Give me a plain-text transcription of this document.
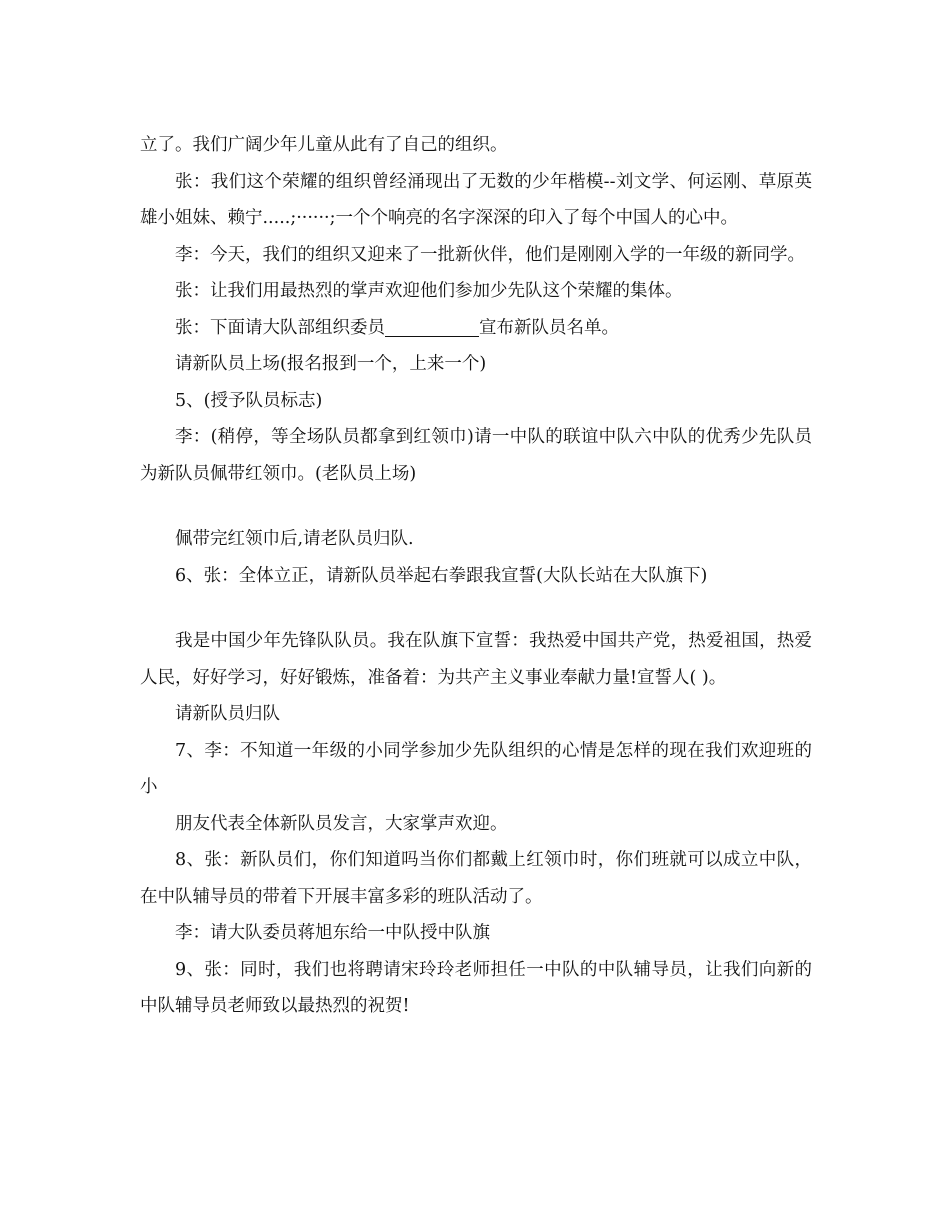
立了。我们广阔少年儿童从此有了自己的组织。

张：我们这个荣耀的组织曾经涌现出了无数的少年楷模--刘文学、何运刚、草原英雄小姐妹、赖宁.....;······;一个个响亮的名字深深的印入了每个中国人的心中。

李：今天，我们的组织又迎来了一批新伙伴，他们是刚刚入学的一年级的新同学。

张：让我们用最热烈的掌声欢迎他们参加少先队这个荣耀的集体。

张：下面请大队部组织委员	宣布新队员名单。

请新队员上场(报名报到一个，上来一个)

5、(授予队员标志)

李：(稍停，等全场队员都拿到红领巾)请一中队的联谊中队六中队的优秀少先队员为新队员佩带红领巾。(老队员上场)

佩带完红领巾后,请老队员归队.

6、张：全体立正，请新队员举起右拳跟我宣誓(大队长站在大队旗下)

我是中国少年先锋队队员。我在队旗下宣誓：我热爱中国共产党，热爱祖国，热爱人民，好好学习，好好锻炼，准备着：为共产主义事业奉献力量!宣誓人( )。

请新队员归队

7、李：不知道一年级的小同学参加少先队组织的心情是怎样的现在我们欢迎班的小

朋友代表全体新队员发言，大家掌声欢迎。

8、张：新队员们，你们知道吗当你们都戴上红领巾时，你们班就可以成立中队，在中队辅导员的带着下开展丰富多彩的班队活动了。

李：请大队委员蒋旭东给一中队授中队旗

9、张：同时，我们也将聘请宋玲玲老师担任一中队的中队辅导员，让我们向新的中队辅导员老师致以最热烈的祝贺!
